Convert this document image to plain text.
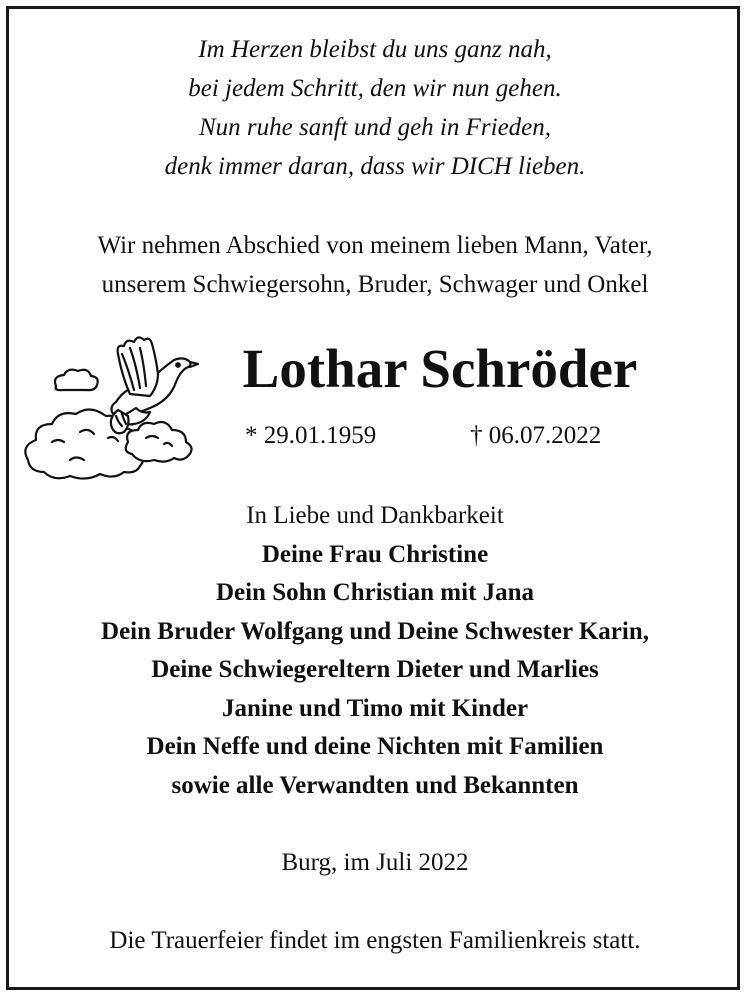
Im Herzen bleibst du uns ganz nah,
bei jedem Schritt, den wir nun gehen.
Nun ruhe sanft und geh in Frieden,
denk immer daran, dass wir DICH lieben.
Wir nehmen Abschied von meinem lieben Mann, Vater,
unserem Schwiegersohn, Bruder, Schwager und Onkel
Lothar Schröder
* 29.01.1959	† 06.07.2022
In Liebe und Dankbarkeit
Deine Frau Christine
Dein Sohn Christian mit Jana
Dein Bruder Wolfgang und Deine Schwester Karin,
Deine Schwiegereltern Dieter und Marlies
Janine und Timo mit Kinder
Dein Neffe und deine Nichten mit Familien
sowie alle Verwandten und Bekannten
Burg, im Juli 2022
Die Trauerfeier findet im engsten Familienkreis statt.
